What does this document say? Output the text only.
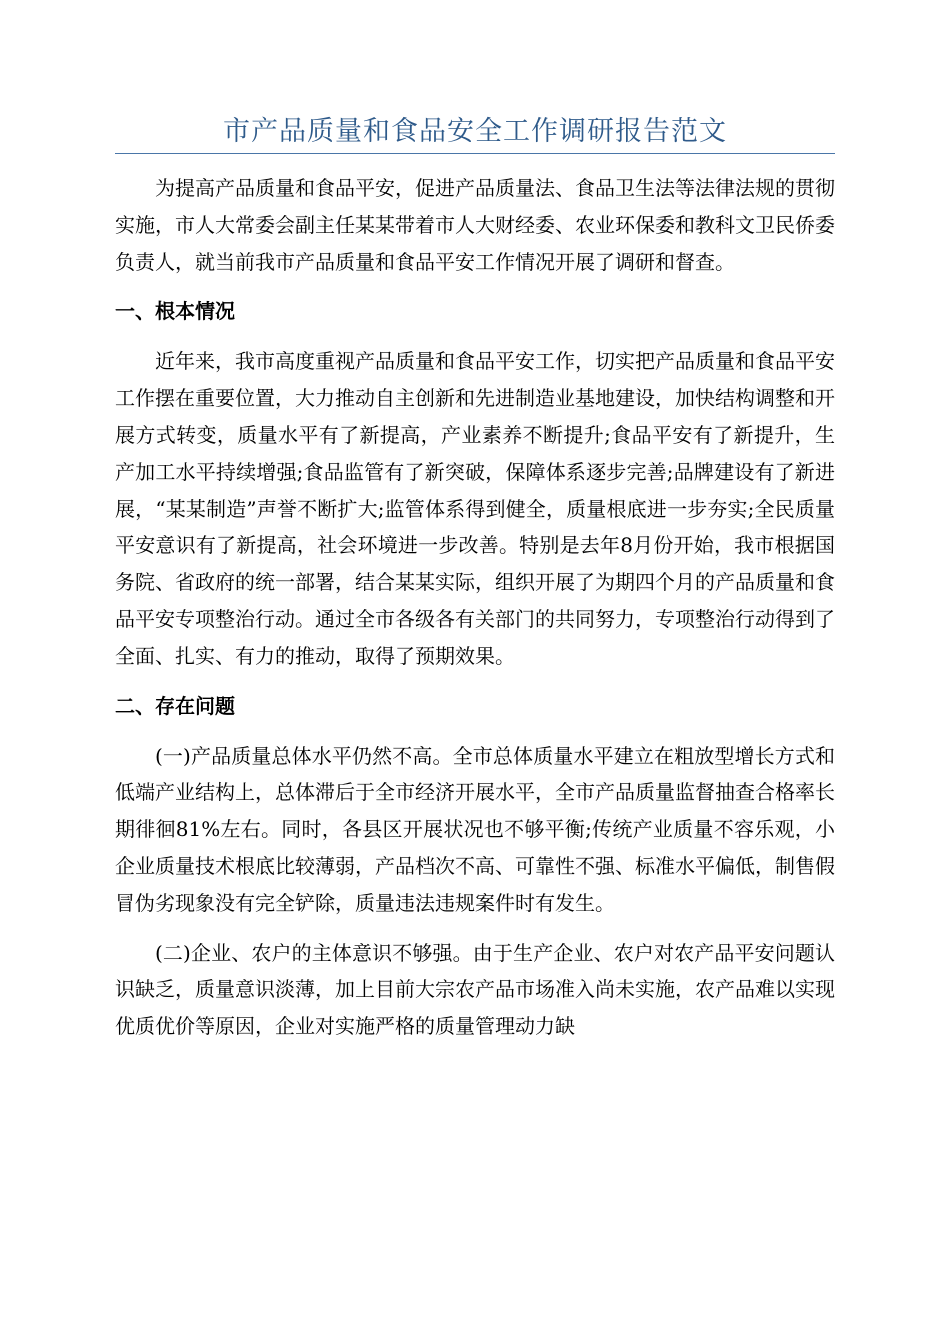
市产品质量和食品安全工作调研报告范文

为提高产品质量和食品平安，促进产品质量法、食品卫生法等法律法规的贯彻实施，市人大常委会副主任某某带着市人大财经委、农业环保委和教科文卫民侨委负责人，就当前我市产品质量和食品平安工作情况开展了调研和督查。

一、根本情况

近年来，我市高度重视产品质量和食品平安工作，切实把产品质量和食品平安工作摆在重要位置，大力推动自主创新和先进制造业基地建设，加快结构调整和开展方式转变，质量水平有了新提高，产业素养不断提升;食品平安有了新提升，生产加工水平持续增强;食品监管有了新突破，保障体系逐步完善;品牌建设有了新进展，“某某制造”声誉不断扩大;监管体系得到健全，质量根底进一步夯实;全民质量平安意识有了新提高，社会环境进一步改善。特别是去年8月份开始，我市根据国务院、省政府的统一部署，结合某某实际，组织开展了为期四个月的产品质量和食品平安专项整治行动。通过全市各级各有关部门的共同努力，专项整治行动得到了全面、扎实、有力的推动，取得了预期效果。

二、存在问题

(一)产品质量总体水平仍然不高。全市总体质量水平建立在粗放型增长方式和低端产业结构上，总体滞后于全市经济开展水平，全市产品质量监督抽查合格率长期徘徊81%左右。同时，各县区开展状况也不够平衡;传统产业质量不容乐观，小企业质量技术根底比较薄弱，产品档次不高、可靠性不强、标准水平偏低，制售假冒伪劣现象没有完全铲除，质量违法违规案件时有发生。

(二)企业、农户的主体意识不够强。由于生产企业、农户对农产品平安问题认识缺乏，质量意识淡薄，加上目前大宗农产品市场准入尚未实施，农产品难以实现优质优价等原因，企业对实施严格的质量管理动力缺
